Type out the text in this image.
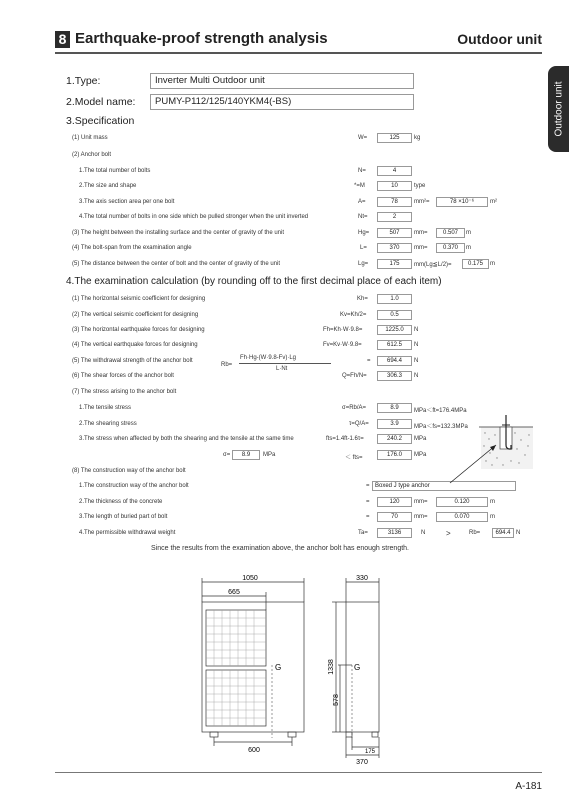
8 Earthquake-proof strength analysis	Outdoor unit
Outdoor unit
1.Type:	Inverter Multi Outdoor unit
2.Model name:	PUMY-P112/125/140YKM4(-BS)
3.Specification
(1) Unit mass	W=	125	kg
(2) Anchor bolt
1.The total number of bolts	N=	4
2.The size and shape	*=M	10	type
3.The axis section area per one bolt	A=	78	mm²=	78 ×10⁻⁶	m²
4.The total number of bolts in one side which be pulled stronger when the unit inverted	Nt=	2
(3) The height between the installing surface and the center of gravity of the unit	Hg=	507	mm=	0.507	m
(4) The bolt-span from the examination angle	L=	370	mm=	0.370	m
(5) The distance between the center of bolt and the center of gravity of the unit	Lg=	175	mm(Lg≦L/2)=	0.175	m
4.The examination calculation (by rounding off to the first decimal place of each item)
(1) The horizontal seismic coefficient for designing	Kh=	1.0
(2) The vertical seismic coefficient for designing	Kv=Kh/2=	0.5
(3) The horizontal earthquake forces for designing	Fh=Kh·W·9.8=	1225.0	N
(4) The vertical earthquake forces for designing	Fv=Kv·W·9.8=	612.5	N
(5) The withdrawal strength of the anchor bolt
Rb=
Fh·Hg-(W·9.8-Fv)·Lg
L·Nt
=	694.4	N
(6) The shear forces of the anchor bolt	Q=Fh/N=	306.3	N
(7) The stress arising to the anchor bolt
1.The tensile stress	σ=Rb/A=	8.9	MPa＜ft=176.4MPa
2.The shearing stress	τ=Q/A=	3.9	MPa＜fs=132.3MPa
3.The stress when affected by both the shearing and the tensile at the same time	fts=1.4ft-1.6τ=	240.2	MPa
σ=	8.9	MPa	＜ fts=	176.0	MPa
(8) The construction way of the anchor bolt
1.The construction way of the anchor bolt	= Boxed J type anchor
2.The thickness of the concrete	=	120	mm=	0.120	m
3.The length of buried part of bolt	=	70	mm=	0.070	m
4.The permissible withdrawal weight	Ta=	3136	N	>	Rb=	694.4 N
Since the results from the examination above, the anchor bolt has enough strength.
1050
665
600
330
1338
578
175
370
G	G
A-181
